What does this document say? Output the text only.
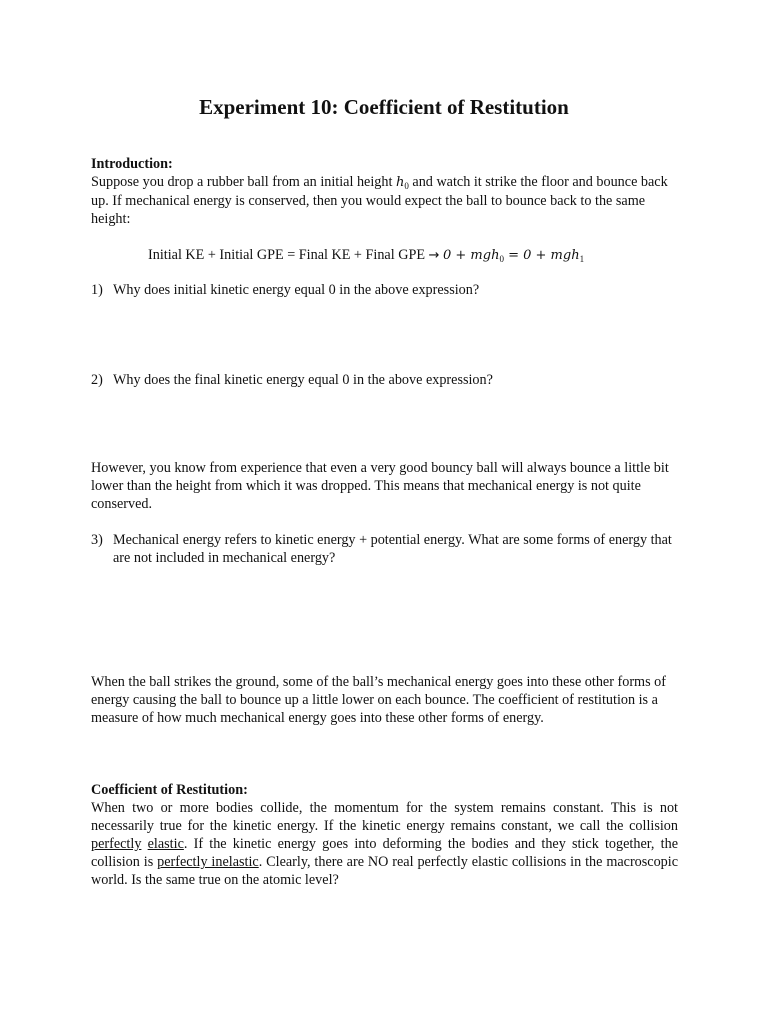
Experiment 10: Coefficient of Restitution
Introduction:
Suppose you drop a rubber ball from an initial height $h_0$ and watch it strike the floor and bounce back up. If mechanical energy is conserved, then you would expect the ball to bounce back to the same height:
Initial KE + Initial GPE = Final KE + Final GPE → 0 + mgh$_0$ = 0 + mgh$_1$
1) Why does initial kinetic energy equal 0 in the above expression?
2) Why does the final kinetic energy equal 0 in the above expression?
However, you know from experience that even a very good bouncy ball will always bounce a little bit lower than the height from which it was dropped. This means that mechanical energy is not quite conserved.
3) Mechanical energy refers to kinetic energy + potential energy. What are some forms of energy that are not included in mechanical energy?
When the ball strikes the ground, some of the ball’s mechanical energy goes into these other forms of energy causing the ball to bounce up a little lower on each bounce. The coefficient of restitution is a measure of how much mechanical energy goes into these other forms of energy.
Coefficient of Restitution:
When two or more bodies collide, the momentum for the system remains constant. This is not necessarily true for the kinetic energy. If the kinetic energy remains constant, we call the collision perfectly elastic. If the kinetic energy goes into deforming the bodies and they stick together, the collision is perfectly inelastic. Clearly, there are NO real perfectly elastic collisions in the macroscopic world. Is the same true on the atomic level?
